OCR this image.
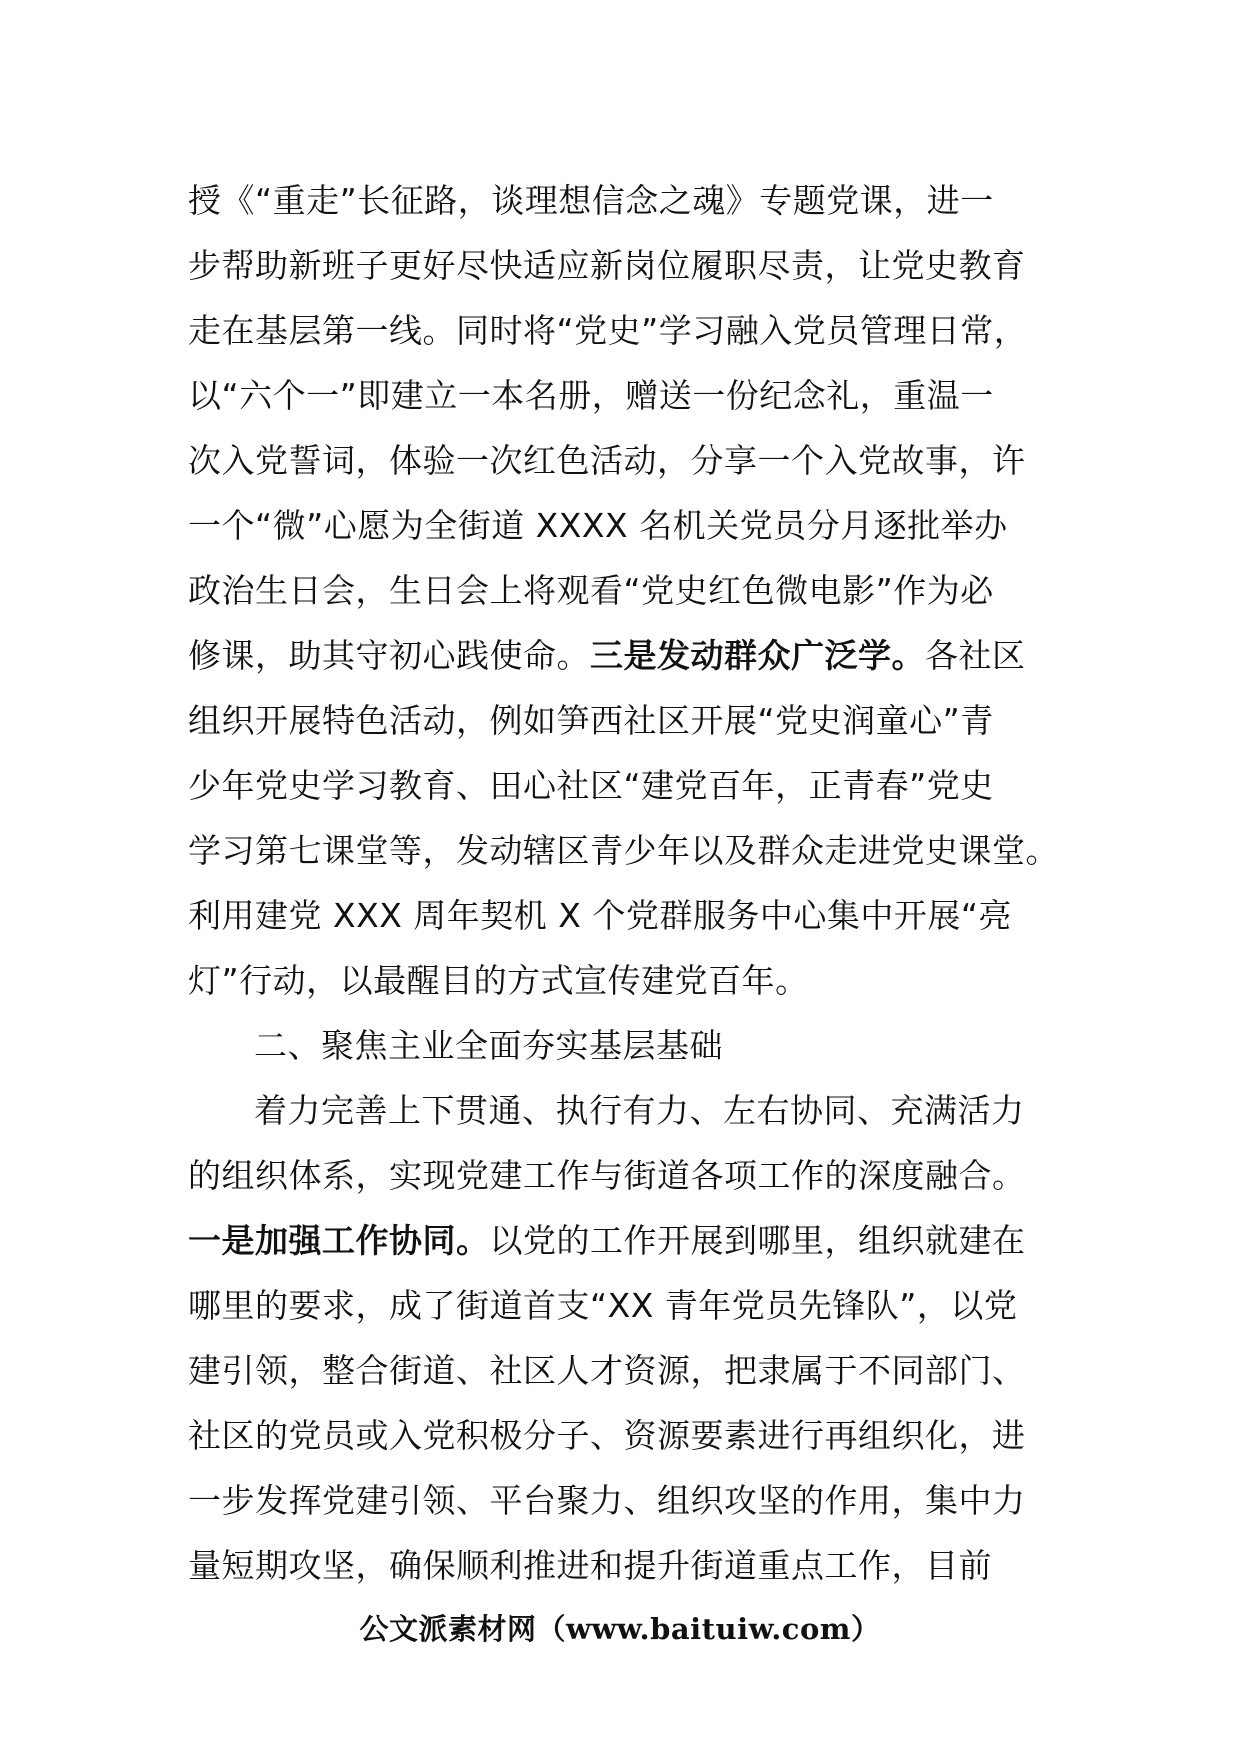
授《“重走”长征路，谈理想信念之魂》专题党课，进一
步帮助新班子更好尽快适应新岗位履职尽责，让党史教育
走在基层第一线。同时将“党史”学习融入党员管理日常，
以“六个一”即建立一本名册，赠送一份纪念礼，重温一
次入党誓词，体验一次红色活动，分享一个入党故事，许
一个“微”心愿为全街道 XXXX 名机关党员分月逐批举办
政治生日会，生日会上将观看“党史红色微电影”作为必
修课，助其守初心践使命。三是发动群众广泛学。各社区
组织开展特色活动，例如笋西社区开展“党史润童心”青
少年党史学习教育、田心社区“建党百年，正青春”党史
学习第七课堂等，发动辖区青少年以及群众走进党史课堂。
利用建党 XXX 周年契机 X 个党群服务中心集中开展“亮
灯”行动，以最醒目的方式宣传建党百年。
二、聚焦主业全面夯实基层基础
着力完善上下贯通、执行有力、左右协同、充满活力
的组织体系，实现党建工作与街道各项工作的深度融合。
一是加强工作协同。以党的工作开展到哪里，组织就建在
哪里的要求，成了街道首支“XX 青年党员先锋队”，以党
建引领，整合街道、社区人才资源，把隶属于不同部门、
社区的党员或入党积极分子、资源要素进行再组织化，进
一步发挥党建引领、平台聚力、组织攻坚的作用，集中力
量短期攻坚，确保顺利推进和提升街道重点工作，目前
公文派素材网（www.baituiw.com）
